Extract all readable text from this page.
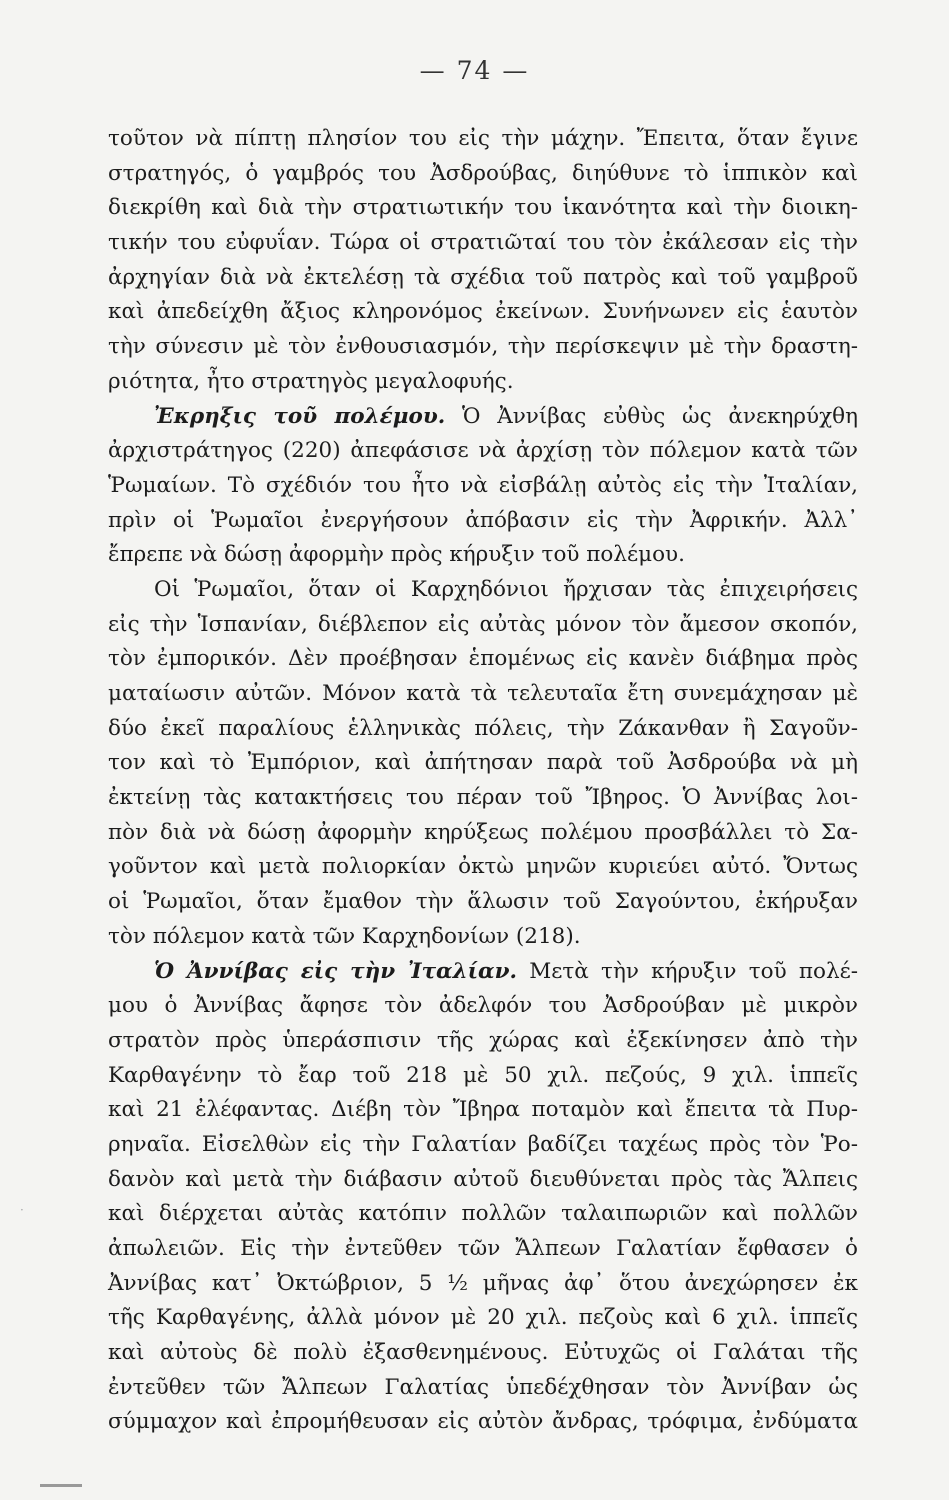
— 74 —
τοῦτον νὰ πίπτῃ πλησίον του εἰς τὴν μάχην. Ἔπειτα, ὅταν ἔγινε
στρατηγός, ὁ γαμβρός του Ἀσδρούβας, διηύθυνε τὸ ἱππικὸν καὶ
διεκρίθη καὶ διὰ τὴν στρατιωτικήν του ἱκανότητα καὶ τὴν διοικη-
τικήν του εὐφυΐαν. Τώρα οἱ στρατιῶταί του τὸν ἐκάλεσαν εἰς τὴν
ἀρχηγίαν διὰ νὰ ἐκτελέσῃ τὰ σχέδια τοῦ πατρὸς καὶ τοῦ γαμβροῦ
καὶ ἀπεδείχθη ἄξιος κληρονόμος ἐκείνων. Συνήνωνεν εἰς ἑαυτὸν
τὴν σύνεσιν μὲ τὸν ἐνθουσιασμόν, τὴν περίσκεψιν μὲ τὴν δραστη-
ριότητα, ἦτο στρατηγὸς μεγαλοφυής.
Ἐκρηξις τοῦ πολέμου. Ὁ Ἀννίβας εὐθὺς ὡς ἀνεκηρύχθη
ἀρχιστράτηγος (220) ἀπεφάσισε νὰ ἀρχίσῃ τὸν πόλεμον κατὰ τῶν
Ῥωμαίων. Τὸ σχέδιόν του ἦτο νὰ εἰσβάλῃ αὐτὸς εἰς τὴν Ἰταλίαν,
πρὶν οἱ Ῥωμαῖοι ἐνεργήσουν ἀπόβασιν εἰς τὴν Ἀφρικήν. Ἀλλ᾽
ἔπρεπε νὰ δώσῃ ἀφορμὴν πρὸς κήρυξιν τοῦ πολέμου.
Οἱ Ῥωμαῖοι, ὅταν οἱ Καρχηδόνιοι ἤρχισαν τὰς ἐπιχειρήσεις
εἰς τὴν Ἱσπανίαν, διέβλεπον εἰς αὐτὰς μόνον τὸν ἄμεσον σκοπόν,
τὸν ἐμπορικόν. Δὲν προέβησαν ἑπομένως εἰς κανὲν διάβημα πρὸς
ματαίωσιν αὐτῶν. Μόνον κατὰ τὰ τελευταῖα ἔτη συνεμάχησαν μὲ
δύο ἐκεῖ παραλίους ἑλληνικὰς πόλεις, τὴν Ζάκανθαν ἢ Σαγοῦν-
τον καὶ τὸ Ἐμπόριον, καὶ ἀπήτησαν παρὰ τοῦ Ἀσδρούβα νὰ μὴ
ἐκτείνῃ τὰς κατακτήσεις του πέραν τοῦ Ἴβηρος. Ὁ Ἀννίβας λοι-
πὸν διὰ νὰ δώσῃ ἀφορμὴν κηρύξεως πολέμου προσβάλλει τὸ Σα-
γοῦντον καὶ μετὰ πολιορκίαν ὀκτὼ μηνῶν κυριεύει αὐτό. Ὄντως
οἱ Ῥωμαῖοι, ὅταν ἔμαθον τὴν ἅλωσιν τοῦ Σαγούντου, ἐκήρυξαν
τὸν πόλεμον κατὰ τῶν Καρχηδονίων (218).
Ὁ Ἀννίβας εἰς τὴν Ἰταλίαν. Μετὰ τὴν κήρυξιν τοῦ πολέ-
μου ὁ Ἀννίβας ἄφησε τὸν ἀδελφόν του Ἀσδρούβαν μὲ μικρὸν
στρατὸν πρὸς ὑπεράσπισιν τῆς χώρας καὶ ἐξεκίνησεν ἀπὸ τὴν
Καρθαγένην τὸ ἔαρ τοῦ 218 μὲ 50 χιλ. πεζούς, 9 χιλ. ἱππεῖς
καὶ 21 ἐλέφαντας. Διέβη τὸν Ἴβηρα ποταμὸν καὶ ἔπειτα τὰ Πυρ-
ρηναῖα. Εἰσελθὼν εἰς τὴν Γαλατίαν βαδίζει ταχέως πρὸς τὸν Ῥο-
δανὸν καὶ μετὰ τὴν διάβασιν αὐτοῦ διευθύνεται πρὸς τὰς Ἄλπεις
καὶ διέρχεται αὐτὰς κατόπιν πολλῶν ταλαιπωριῶν καὶ πολλῶν
ἀπωλειῶν. Εἰς τὴν ἐντεῦθεν τῶν Ἄλπεων Γαλατίαν ἔφθασεν ὁ
Ἀννίβας κατ᾽ Ὀκτώβριον, 5 ½ μῆνας ἀφ᾽ ὅτου ἀνεχώρησεν ἐκ
τῆς Καρθαγένης, ἀλλὰ μόνον μὲ 20 χιλ. πεζοὺς καὶ 6 χιλ. ἱππεῖς
καὶ αὐτοὺς δὲ πολὺ ἐξασθενημένους. Εὐτυχῶς οἱ Γαλάται τῆς
ἐντεῦθεν τῶν Ἄλπεων Γαλατίας ὑπεδέχθησαν τὸν Ἀννίβαν ὡς
σύμμαχον καὶ ἐπρομήθευσαν εἰς αὐτὸν ἄνδρας, τρόφιμα, ἐνδύματα
·
